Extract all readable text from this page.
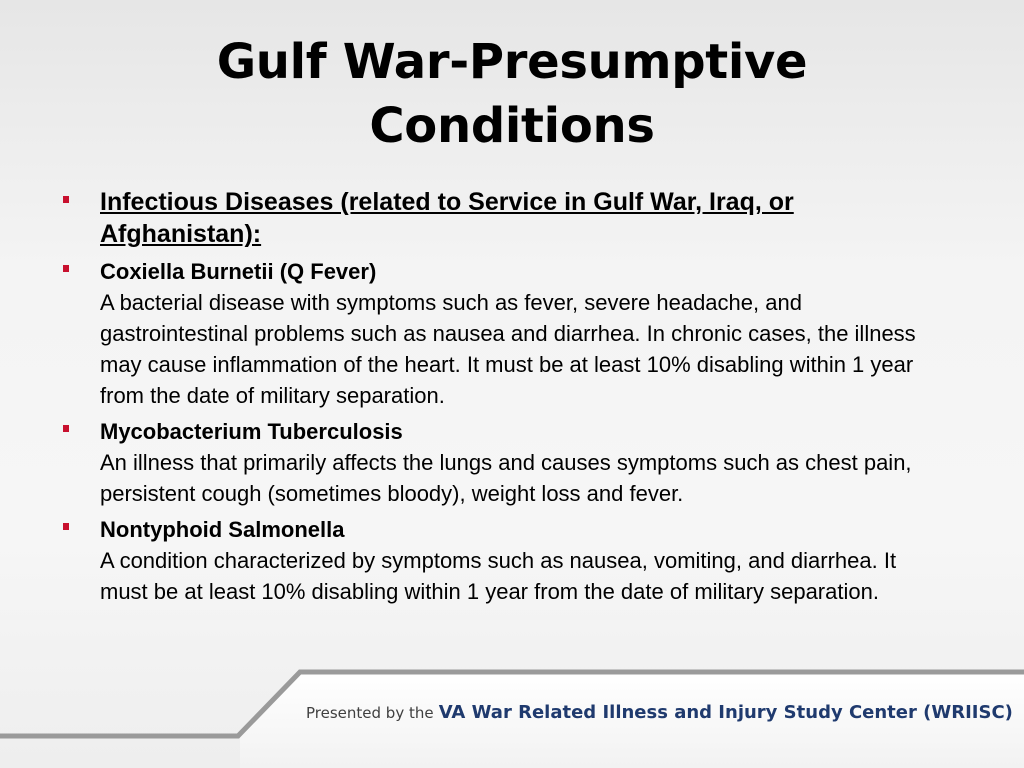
Gulf War-Presumptive
Conditions
Infectious Diseases (related to Service in Gulf War, Iraq, or Afghanistan):
Coxiella Burnetii (Q Fever)
A bacterial disease with symptoms such as fever, severe headache, and gastrointestinal problems such as nausea and diarrhea. In chronic cases, the illness may cause inflammation of the heart. It must be at least 10% disabling within 1 year from the date of military separation.
Mycobacterium Tuberculosis
An illness that primarily affects the lungs and causes symptoms such as chest pain, persistent cough (sometimes bloody), weight loss and fever.
Nontyphoid Salmonella
A condition characterized by symptoms such as nausea, vomiting, and diarrhea. It must be at least 10% disabling within 1 year from the date of military separation.
Presented by the VA War Related Illness and Injury Study Center (WRIISC)
